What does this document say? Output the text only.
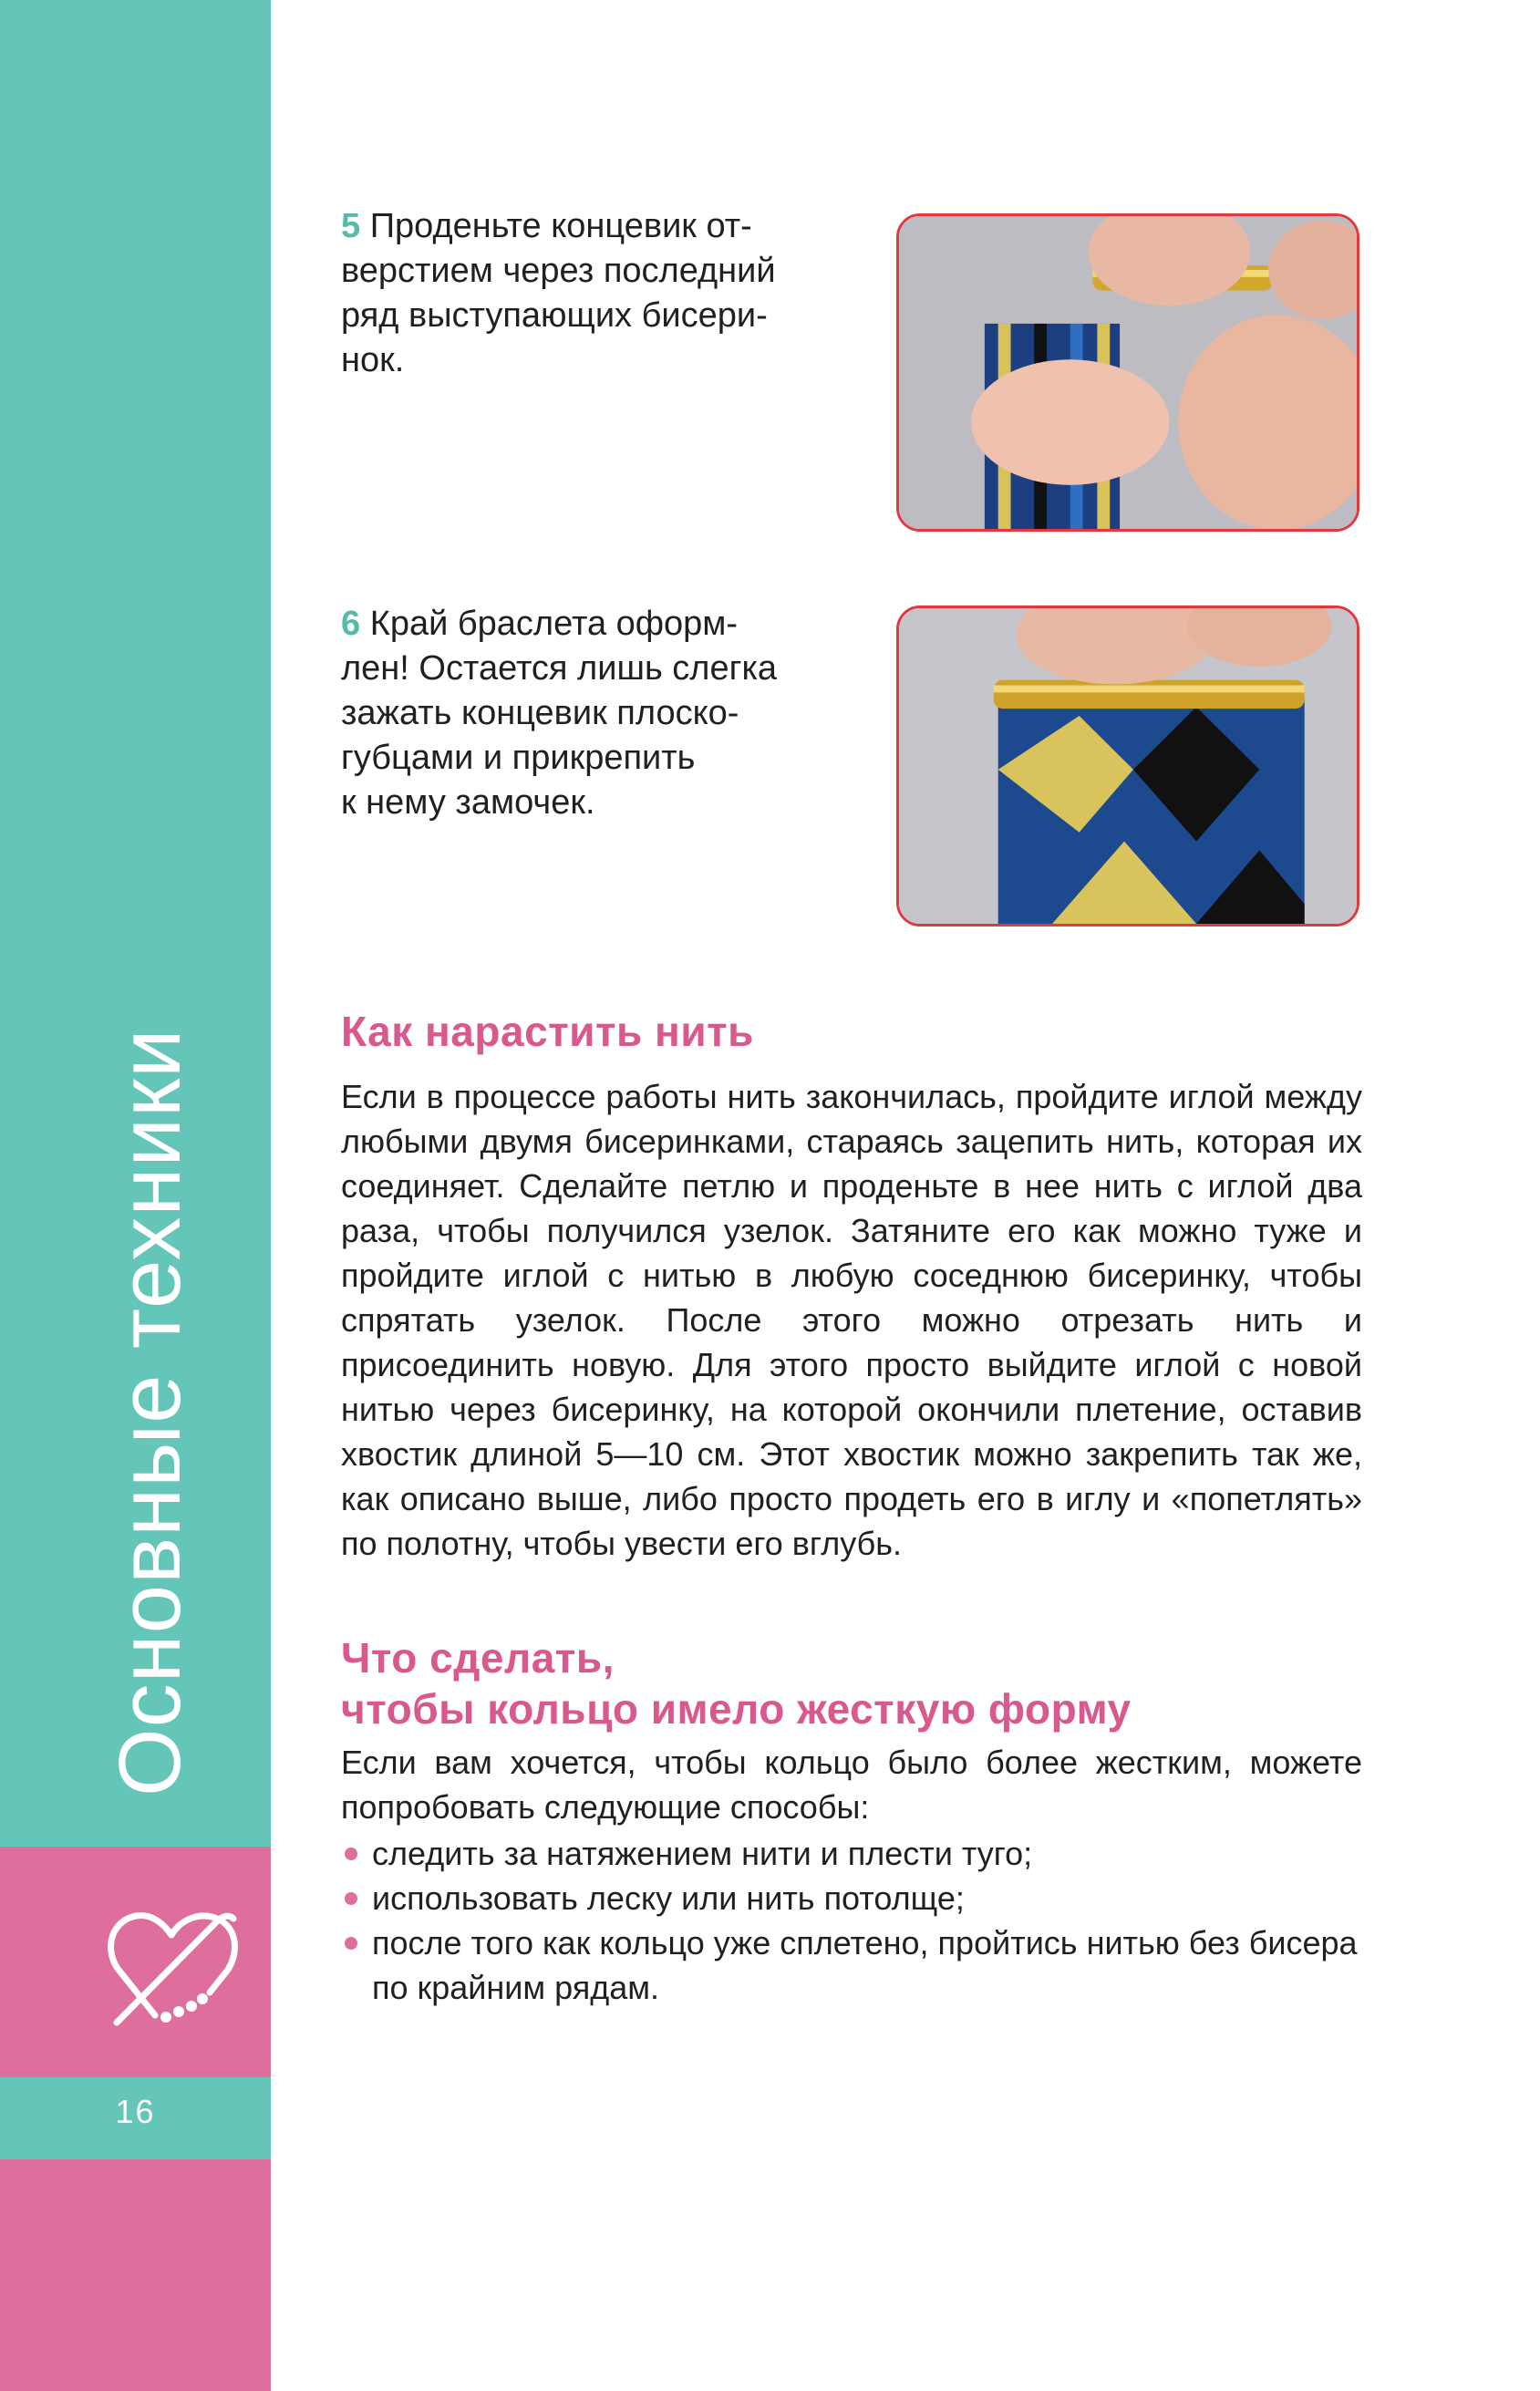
Основные техники
16
5 Проденьте концевик от-
верстием через последний
ряд выступающих бисери-
нок.
6 Край браслета оформ-
лен! Остается лишь слегка
зажать концевик плоско-
губцами и прикрепить
к нему замочек.
Как нарастить нить
Если в процессе работы нить закончилась, пройдите иглой между любыми двумя бисеринками, стараясь зацепить нить, которая их соединяет. Сделайте петлю и проденьте в нее нить с иглой два раза, чтобы получился узелок. Затяните его как можно туже и пройдите иглой с нитью в любую соседнюю бисеринку, чтобы спрятать узелок. После этого можно отрезать нить и присоединить новую. Для этого просто выйдите иглой с новой нитью через бисеринку, на которой окончили плетение, оставив хвостик длиной 5—10 см. Этот хвостик можно закрепить так же, как описано выше, либо просто продеть его в иглу и «попетлять» по полотну, чтобы увести его вглубь.
Что сделать,
чтобы кольцо имело жесткую форму
Если вам хочется, чтобы кольцо было более жестким, можете попробовать следующие способы:
следить за натяжением нити и плести туго;
использовать леску или нить потолще;
после того как кольцо уже сплетено, пройтись нитью без бисера по крайним рядам.
